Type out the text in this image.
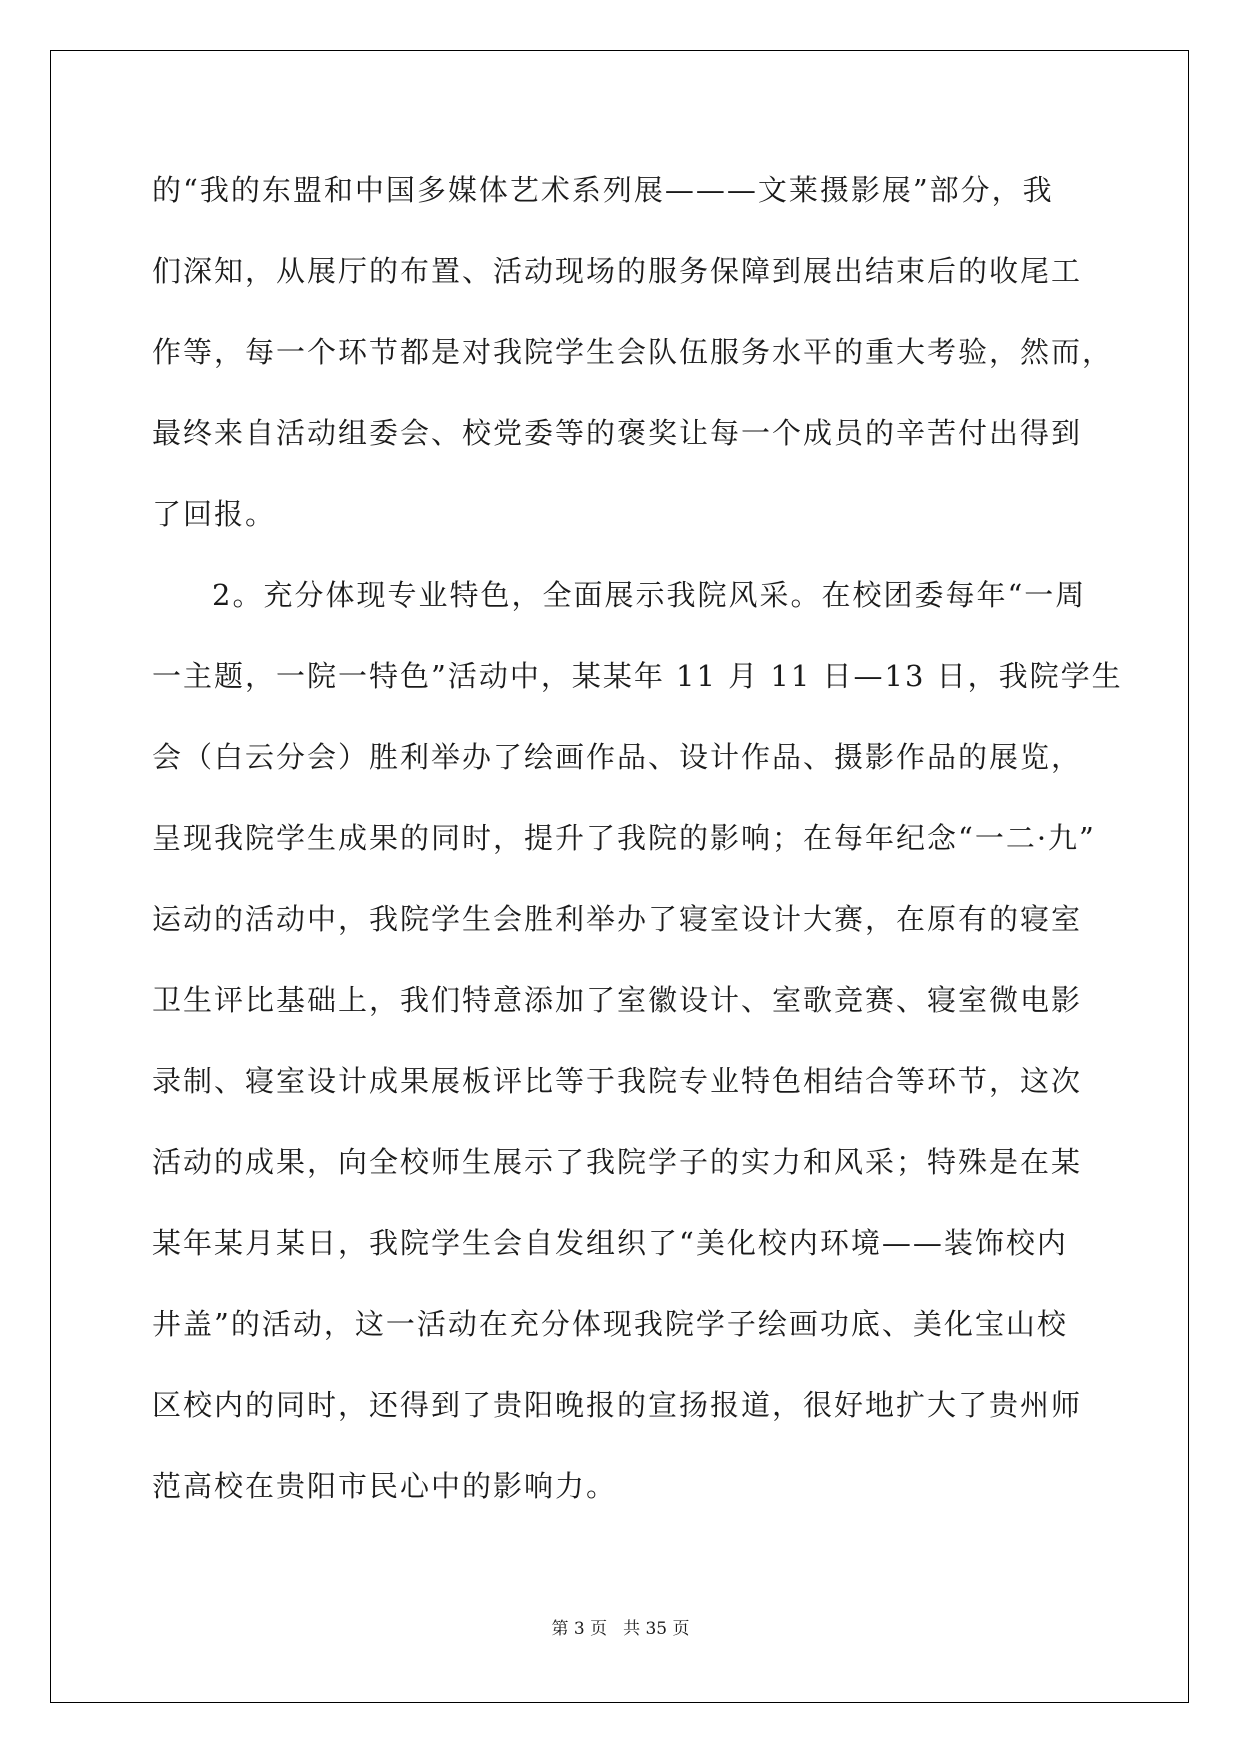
的“我的东盟和中国多媒体艺术系列展———文莱摄影展”部分，我
们深知，从展厅的布置、活动现场的服务保障到展出结束后的收尾工
作等，每一个环节都是对我院学生会队伍服务水平的重大考验，然而，
最终来自活动组委会、校党委等的褒奖让每一个成员的辛苦付出得到
了回报。
2。充分体现专业特色，全面展示我院风采。在校团委每年“一周
一主题，一院一特色”活动中，某某年 11 月 11 日—13 日，我院学生
会（白云分会）胜利举办了绘画作品、设计作品、摄影作品的展览，
呈现我院学生成果的同时，提升了我院的影响；在每年纪念“一二·九”
运动的活动中，我院学生会胜利举办了寝室设计大赛，在原有的寝室
卫生评比基础上，我们特意添加了室徽设计、室歌竞赛、寝室微电影
录制、寝室设计成果展板评比等于我院专业特色相结合等环节，这次
活动的成果，向全校师生展示了我院学子的实力和风采；特殊是在某
某年某月某日，我院学生会自发组织了“美化校内环境——装饰校内
井盖”的活动，这一活动在充分体现我院学子绘画功底、美化宝山校
区校内的同时，还得到了贵阳晚报的宣扬报道，很好地扩大了贵州师
范高校在贵阳市民心中的影响力。
第 3 页 共 35 页
